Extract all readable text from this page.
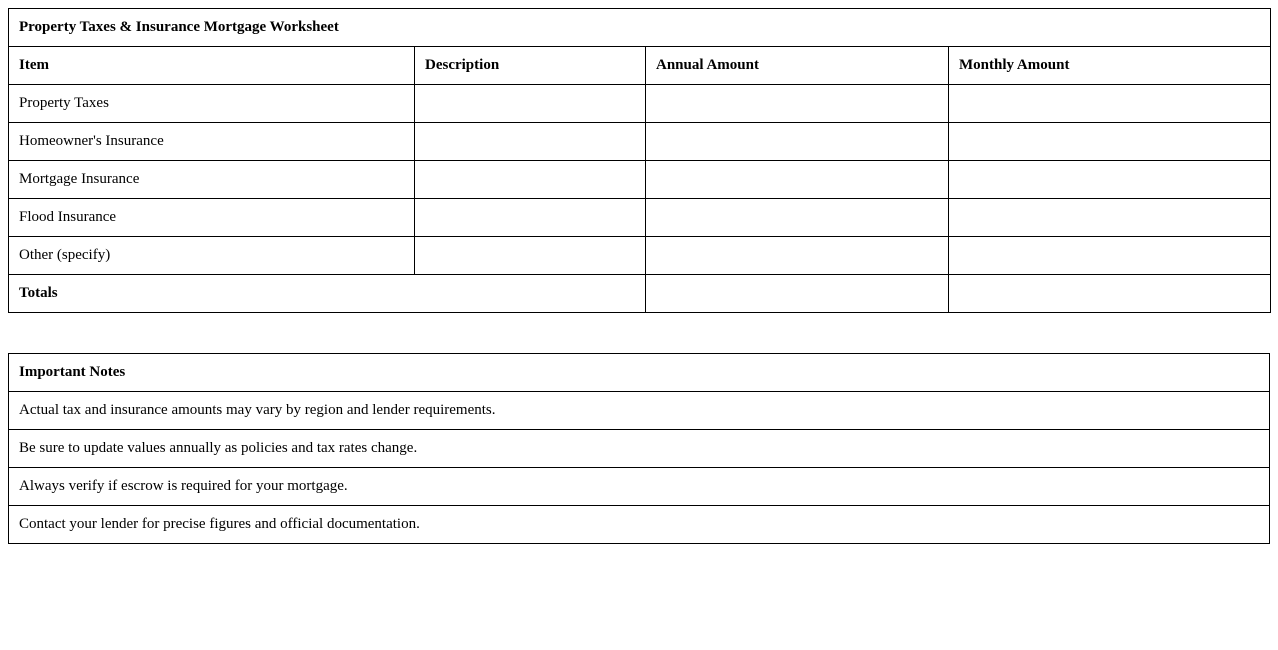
Property Taxes & Insurance Mortgage Worksheet			
Item	Description	Annual Amount	Monthly Amount
Property Taxes			
Homeowner's Insurance			
Mortgage Insurance			
Flood Insurance			
Other (specify)			
Totals			
Important Notes
Actual tax and insurance amounts may vary by region and lender requirements.
Be sure to update values annually as policies and tax rates change.
Always verify if escrow is required for your mortgage.
Contact your lender for precise figures and official documentation.
